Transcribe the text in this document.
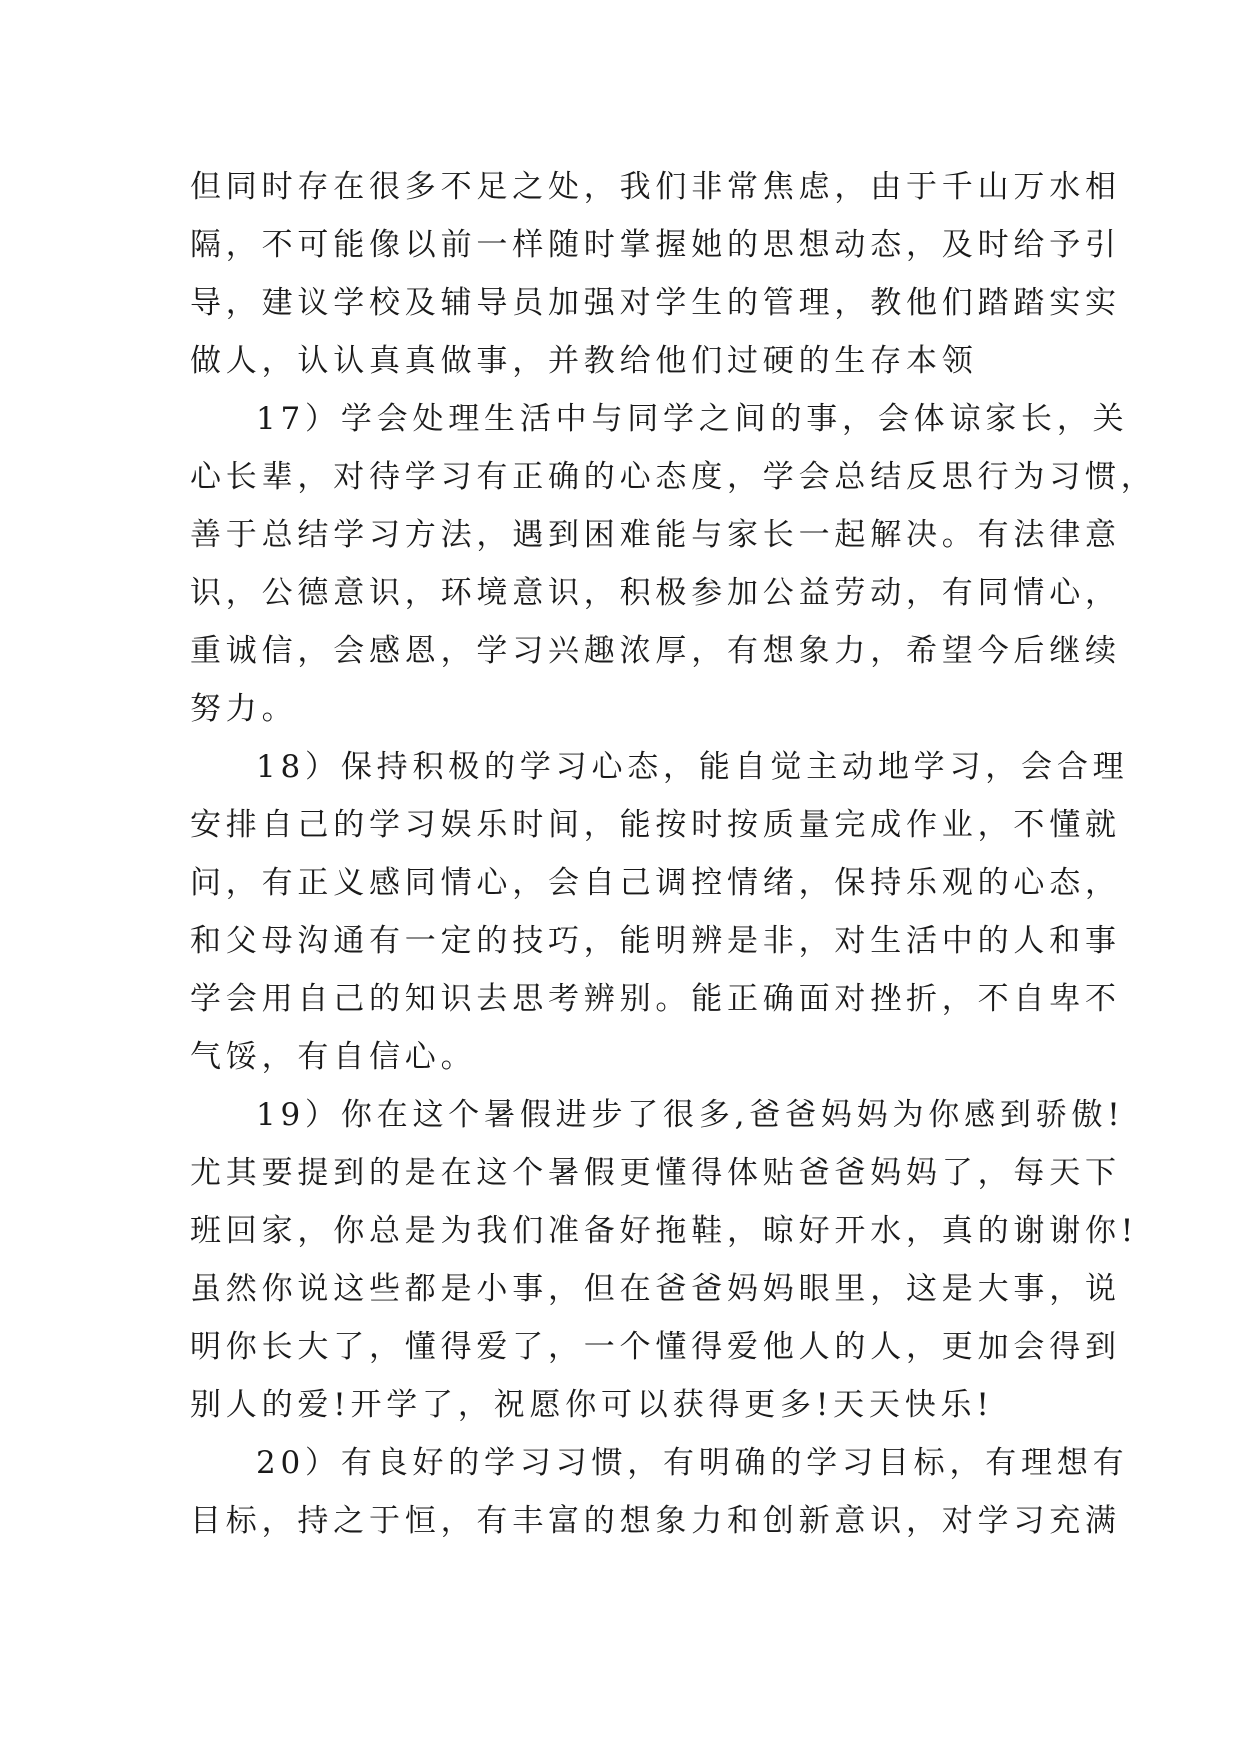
但同时存在很多不足之处，我们非常焦虑，由于千山万水相
隔，不可能像以前一样随时掌握她的思想动态，及时给予引
导，建议学校及辅导员加强对学生的管理，教他们踏踏实实
做人，认认真真做事，并教给他们过硬的生存本领
17）学会处理生活中与同学之间的事，会体谅家长，关
心长辈，对待学习有正确的心态度，学会总结反思行为习惯，
善于总结学习方法，遇到困难能与家长一起解决。有法律意
识，公德意识，环境意识，积极参加公益劳动，有同情心，
重诚信，会感恩，学习兴趣浓厚，有想象力，希望今后继续
努力。
18）保持积极的学习心态，能自觉主动地学习，会合理
安排自己的学习娱乐时间，能按时按质量完成作业，不懂就
问，有正义感同情心，会自己调控情绪，保持乐观的心态，
和父母沟通有一定的技巧，能明辨是非，对生活中的人和事
学会用自己的知识去思考辨别。能正确面对挫折，不自卑不
气馁，有自信心。
19）你在这个暑假进步了很多,爸爸妈妈为你感到骄傲!
尤其要提到的是在这个暑假更懂得体贴爸爸妈妈了，每天下
班回家，你总是为我们准备好拖鞋，晾好开水，真的谢谢你!
虽然你说这些都是小事，但在爸爸妈妈眼里，这是大事，说
明你长大了，懂得爱了，一个懂得爱他人的人，更加会得到
别人的爱!开学了，祝愿你可以获得更多!天天快乐!
20）有良好的学习习惯，有明确的学习目标，有理想有
目标，持之于恒，有丰富的想象力和创新意识，对学习充满
